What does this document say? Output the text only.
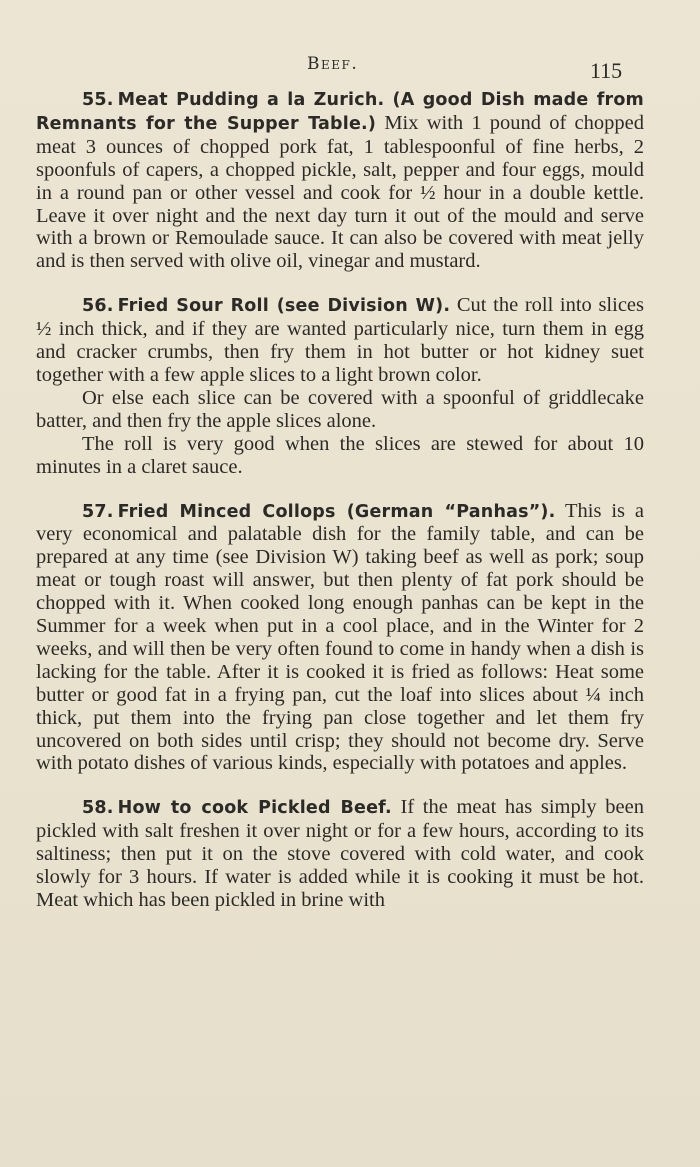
Beef.	115

55. Meat Pudding a la Zurich. (A good Dish made from Remnants for the Supper Table.) Mix with 1 pound of chopped meat 3 ounces of chopped pork fat, 1 tablespoonful of fine herbs, 2 spoonfuls of capers, a chopped pickle, salt, pepper and four eggs, mould in a round pan or other vessel and cook for ½ hour in a double kettle. Leave it over night and the next day turn it out of the mould and serve with a brown or Remoulade sauce. It can also be covered with meat jelly and is then served with olive oil, vinegar and mustard.

56. Fried Sour Roll (see Division W). Cut the roll into slices ½ inch thick, and if they are wanted particularly nice, turn them in egg and cracker crumbs, then fry them in hot butter or hot kidney suet together with a few apple slices to a light brown color.

Or else each slice can be covered with a spoonful of griddlecake batter, and then fry the apple slices alone.

The roll is very good when the slices are stewed for about 10 minutes in a claret sauce.

57. Fried Minced Collops (German “Panhas”). This is a very economical and palatable dish for the family table, and can be prepared at any time (see Division W) taking beef as well as pork; soup meat or tough roast will answer, but then plenty of fat pork should be chopped with it. When cooked long enough panhas can be kept in the Summer for a week when put in a cool place, and in the Winter for 2 weeks, and will then be very often found to come in handy when a dish is lacking for the table. After it is cooked it is fried as follows: Heat some butter or good fat in a frying pan, cut the loaf into slices about ¼ inch thick, put them into the frying pan close together and let them fry uncovered on both sides until crisp; they should not become dry. Serve with potato dishes of various kinds, especially with potatoes and apples.

58. How to cook Pickled Beef. If the meat has simply been pickled with salt freshen it over night or for a few hours, according to its saltiness; then put it on the stove covered with cold water, and cook slowly for 3 hours. If water is added while it is cooking it must be hot. Meat which has been pickled in brine with
